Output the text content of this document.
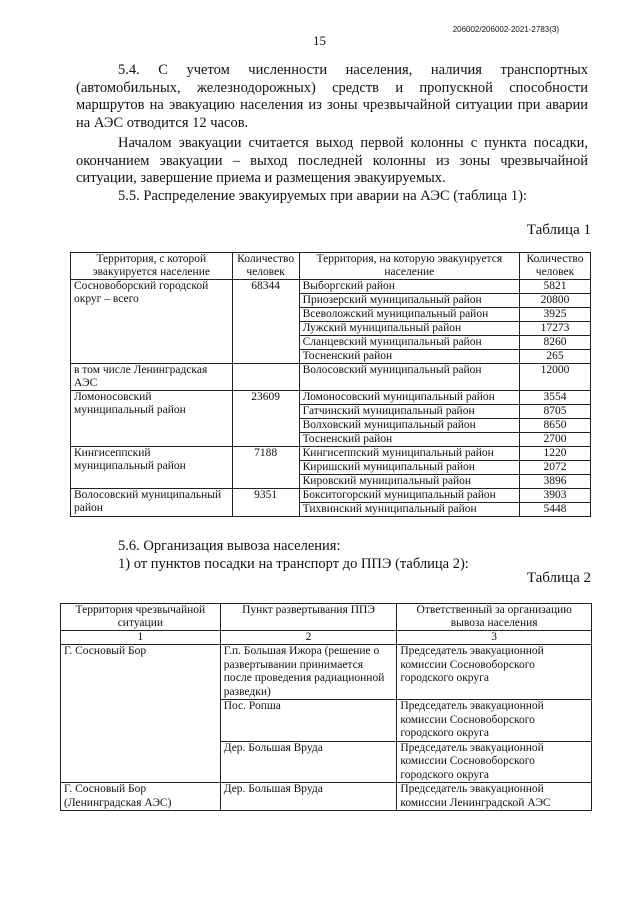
206002/206002-2021-2783(3)
15

5.4. С учетом численности населения, наличия транспортных (автомобильных, железнодорожных) средств и пропускной способности маршрутов на эвакуацию населения из зоны чрезвычайной ситуации при аварии на АЭС отводится 12 часов.

Началом эвакуации считается выход первой колонны с пункта посадки, окончанием эвакуации – выход последней колонны из зоны чрезвычайной ситуации, завершение приема и размещения эвакуируемых.

5.5. Распределение эвакуируемых при аварии на АЭС (таблица 1):

Таблица 1
Территория, с которой эвакуируется население	Количество человек	Территория, на которую эвакуируется население	Количество человек
Сосновоборский городской округ – всего	68344	Выборгский район	5821
		Приозерский муниципальный район	20800
		Всеволожский муниципальный район	3925
		Лужский муниципальный район	17273
		Сланцевский муниципальный район	8260
		Тосненский район	265
в том числе Ленинградская АЭС		Волосовский муниципальный район	12000
Ломоносовский муниципальный район	23609	Ломоносовский муниципальный район	3554
		Гатчинский муниципальный район	8705
		Волховский муниципальный район	8650
		Тосненский район	2700
Кингисеппский муниципальный район	7188	Кингисеппский муниципальный район	1220
		Киришский муниципальный район	2072
		Кировский муниципальный район	3896
Волосовский муниципальный район	9351	Бокситогорский муниципальный район	3903
		Тихвинский муниципальный район	5448

5.6. Организация вывоза населения:

1) от пунктов посадки на транспорт до ППЭ (таблица 2):

Таблица 2
Территория чрезвычайной ситуации	Пункт развертывания ППЭ	Ответственный за организацию вывоза населения
1	2	3
Г. Сосновый Бор	Г.п. Большая Ижора (решение о развертывании принимается после проведения радиационной разведки)	Председатель эвакуационной комиссии Сосновоборского городского округа
	Пос. Ропша	Председатель эвакуационной комиссии Сосновоборского городского округа
	Дер. Большая Вруда	Председатель эвакуационной комиссии Сосновоборского городского округа
Г. Сосновый Бор (Ленинградская АЭС)	Дер. Большая Вруда	Председатель эвакуационной комиссии Ленинградской АЭС
